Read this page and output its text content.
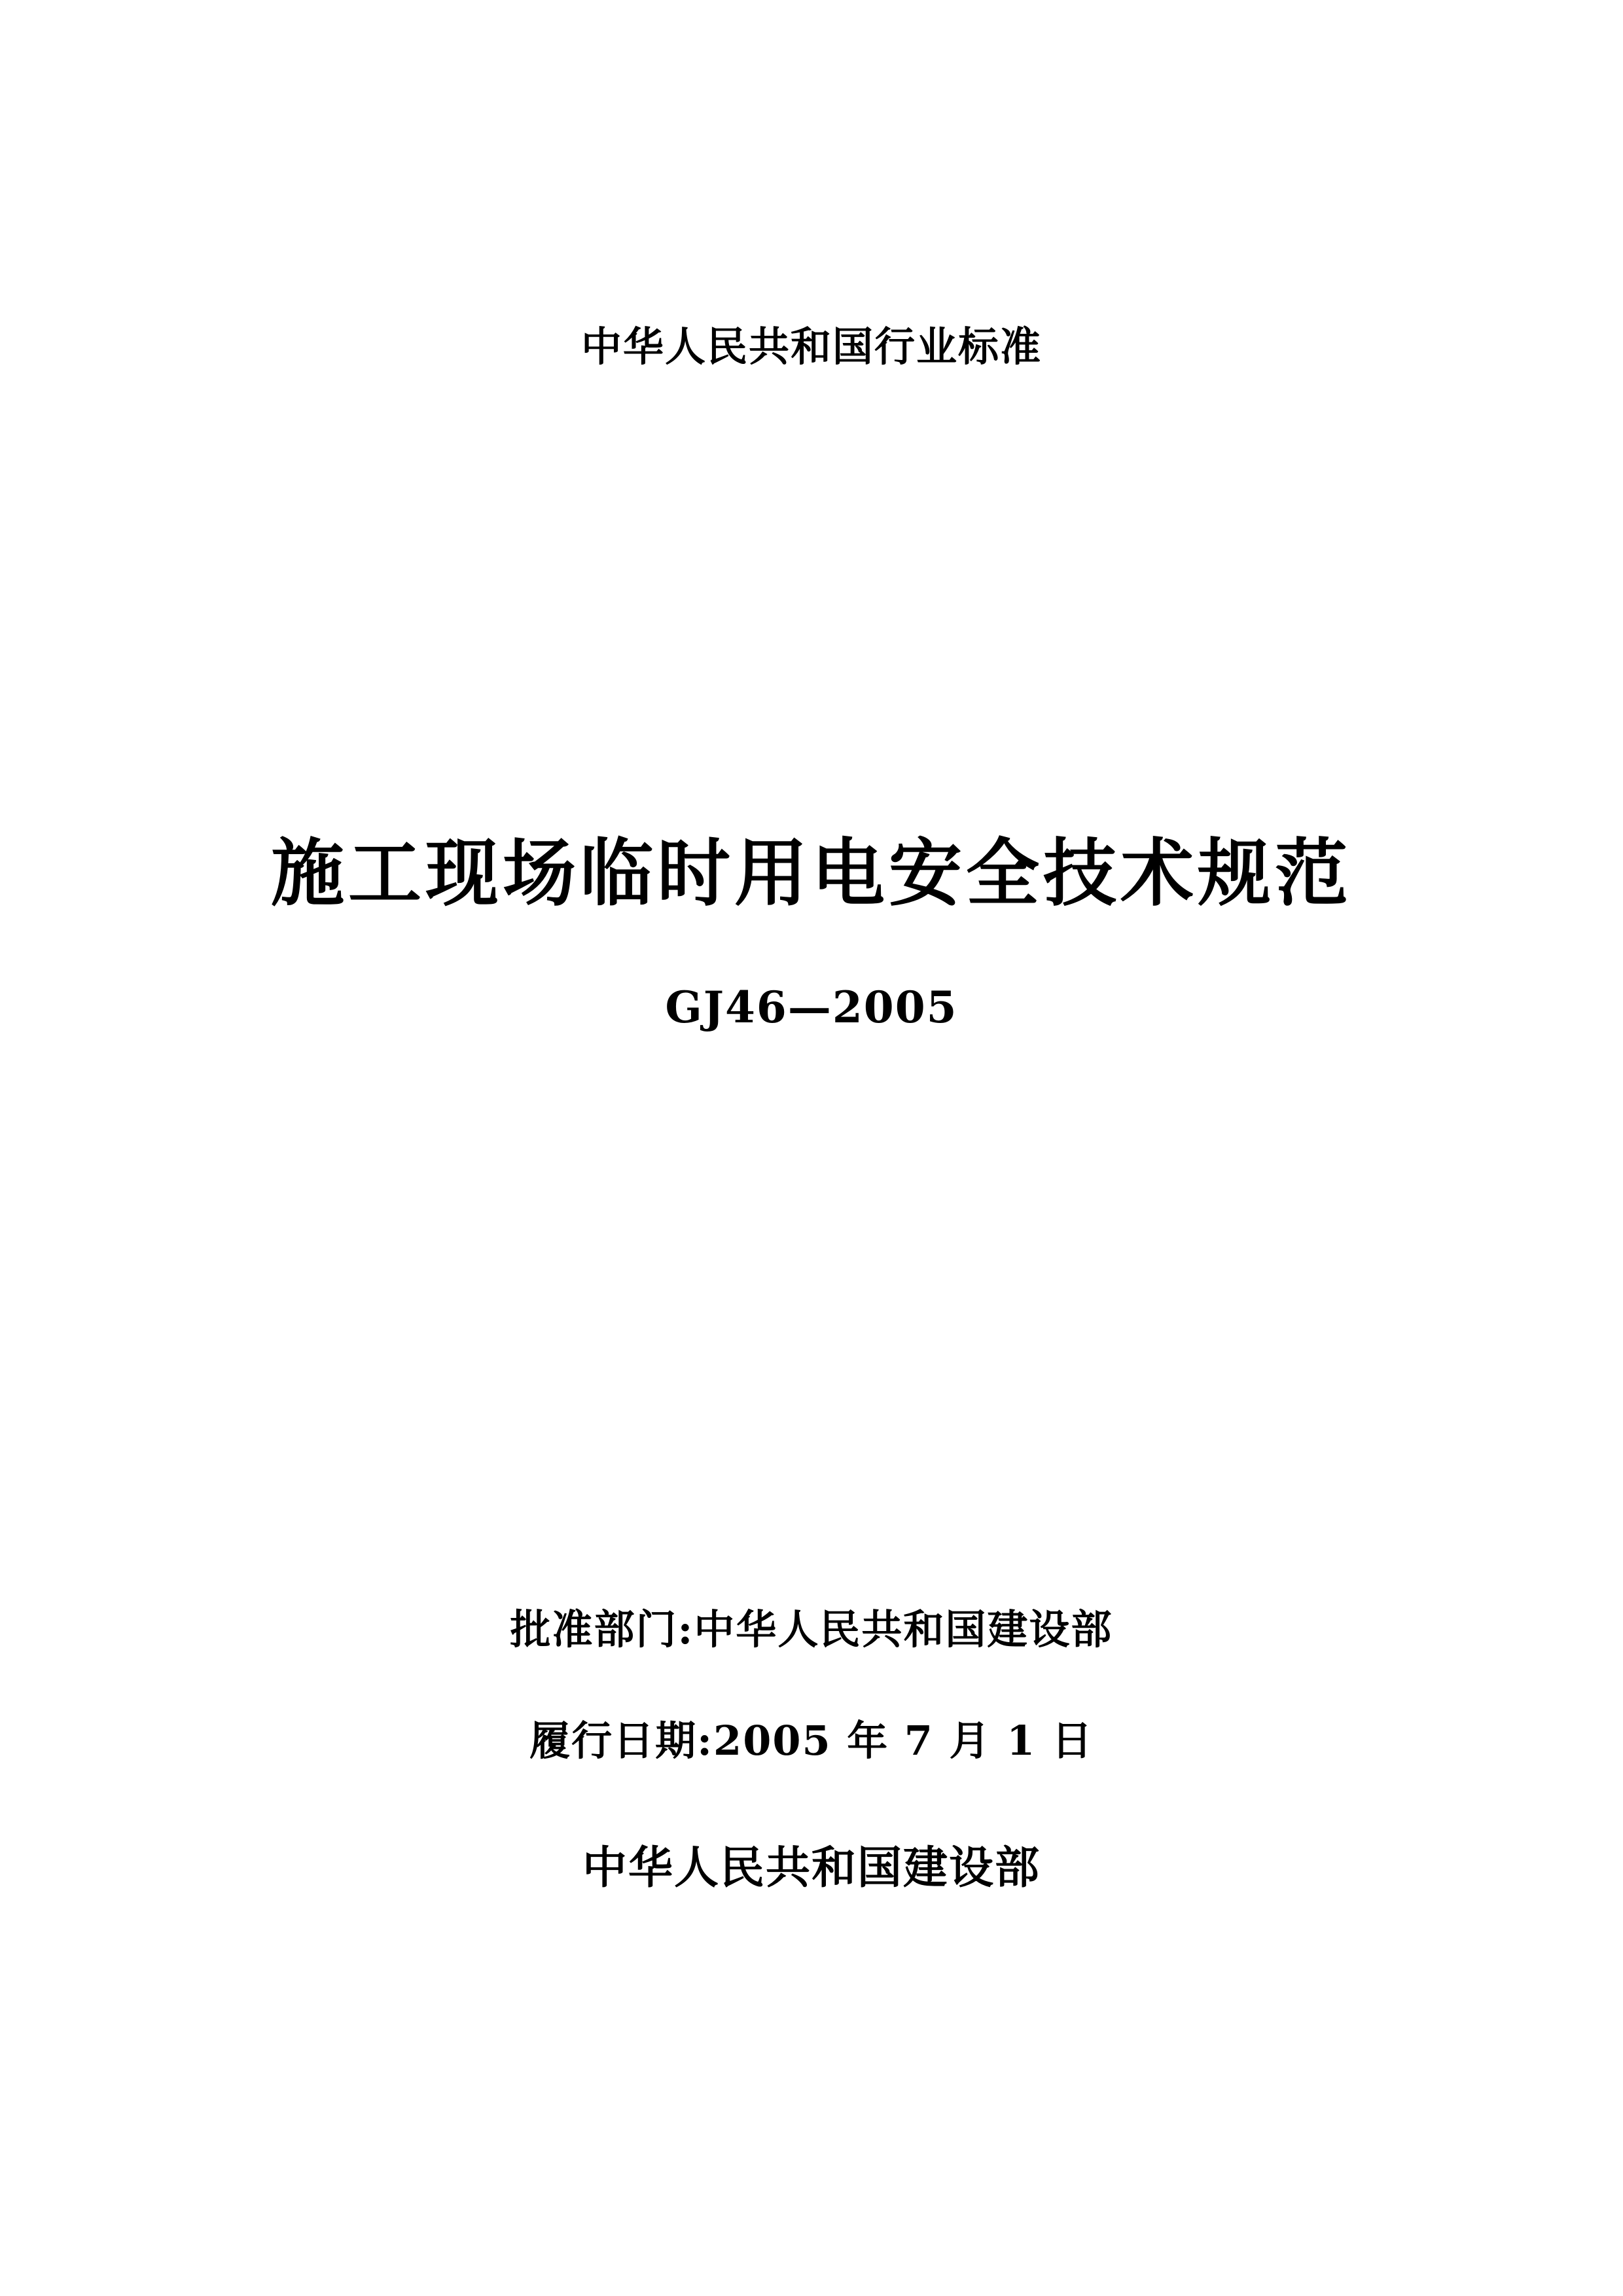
中华人民共和国行业标准
施工现场临时用电安全技术规范
GJ46—2005
批准部门:中华人民共和国建设部
履行日期:2005 年 7 月 1 日
中华人民共和国建设部
